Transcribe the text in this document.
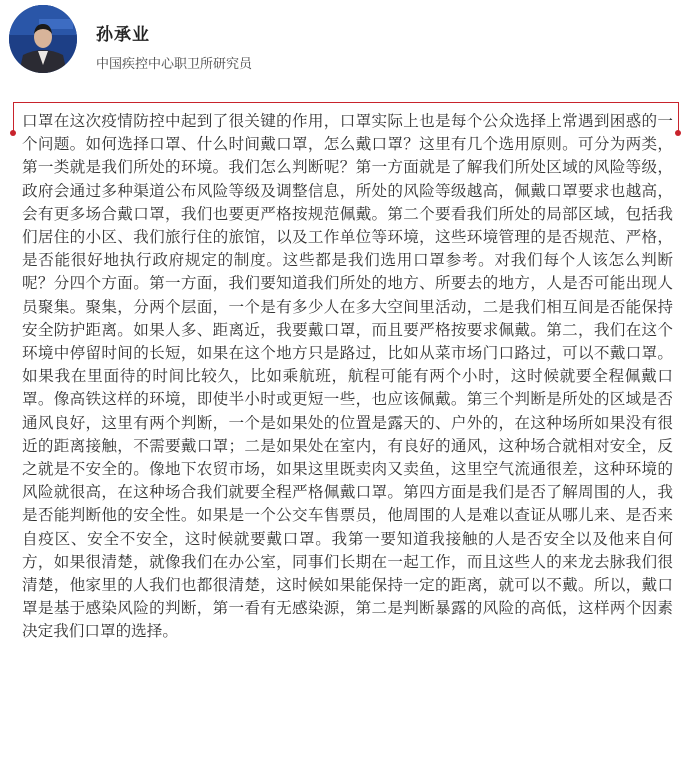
孙承业
中国疾控中心职卫所研究员

口罩在这次疫情防控中起到了很关键的作用，口罩实际上也是每个公众选择上常遇到困惑的一个问题。如何选择口罩、什么时间戴口罩，怎么戴口罩？这里有几个选用原则。可分为两类，第一类就是我们所处的环境。我们怎么判断呢？第一方面就是了解我们所处区域的风险等级，政府会通过多种渠道公布风险等级及调整信息，所处的风险等级越高，佩戴口罩要求也越高，会有更多场合戴口罩，我们也要更严格按规范佩戴。第二个要看我们所处的局部区域，包括我们居住的小区、我们旅行住的旅馆，以及工作单位等环境，这些环境管理的是否规范、严格，是否能很好地执行政府规定的制度。这些都是我们选用口罩参考。对我们每个人该怎么判断呢？分四个方面。第一方面，我们要知道我们所处的地方、所要去的地方，人是否可能出现人员聚集。聚集，分两个层面，一个是有多少人在多大空间里活动，二是我们相互间是否能保持安全防护距离。如果人多、距离近，我要戴口罩，而且要严格按要求佩戴。第二，我们在这个环境中停留时间的长短，如果在这个地方只是路过，比如从菜市场门口路过，可以不戴口罩。如果我在里面待的时间比较久，比如乘航班，航程可能有两个小时，这时候就要全程佩戴口罩。像高铁这样的环境，即使半小时或更短一些，也应该佩戴。第三个判断是所处的区域是否通风良好，这里有两个判断，一个是如果处的位置是露天的、户外的，在这种场所如果没有很近的距离接触，不需要戴口罩；二是如果处在室内，有良好的通风，这种场合就相对安全，反之就是不安全的。像地下农贸市场，如果这里既卖肉又卖鱼，这里空气流通很差，这种环境的风险就很高，在这种场合我们就要全程严格佩戴口罩。第四方面是我们是否了解周围的人，我是否能判断他的安全性。如果是一个公交车售票员，他周围的人是难以查证从哪儿来、是否来自疫区、安全不安全，这时候就要戴口罩。我第一要知道我接触的人是否安全以及他来自何方，如果很清楚，就像我们在办公室，同事们长期在一起工作，而且这些人的来龙去脉我们很清楚，他家里的人我们也都很清楚，这时候如果能保持一定的距离，就可以不戴。所以，戴口罩是基于感染风险的判断，第一看有无感染源，第二是判断暴露的风险的高低，这样两个因素决定我们口罩的选择。
